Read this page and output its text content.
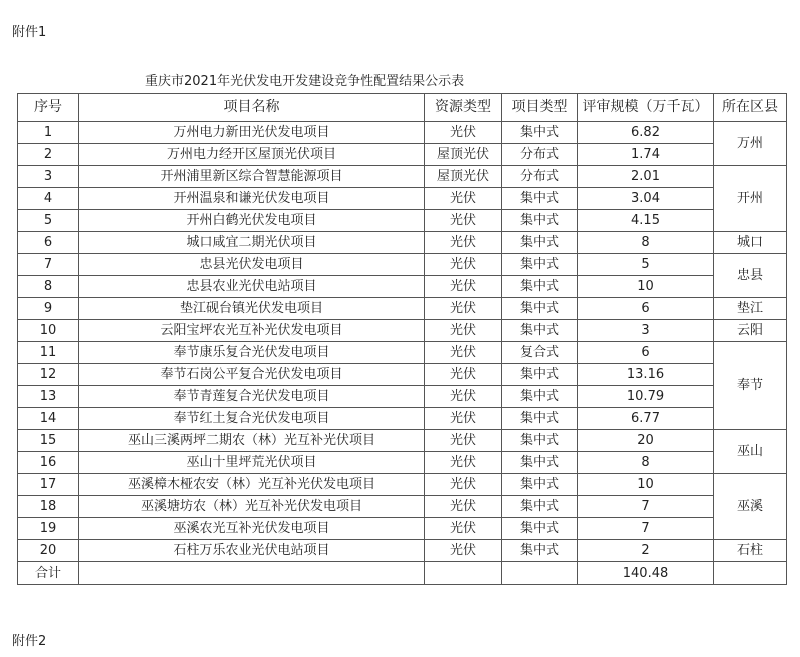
附件1
重庆市2021年光伏发电开发建设竞争性配置结果公示表
序号	项目名称	资源类型	项目类型	评审规模（万千瓦）	所在区县
1	万州电力新田光伏发电项目	光伏	集中式	6.82	万州
2	万州电力经开区屋顶光伏项目	屋顶光伏	分布式	1.74	
3	开州浦里新区综合智慧能源项目	屋顶光伏	分布式	2.01	开州
4	开州温泉和谦光伏发电项目	光伏	集中式	3.04	
5	开州白鹤光伏发电项目	光伏	集中式	4.15	
6	城口咸宜二期光伏项目	光伏	集中式	8	城口
7	忠县光伏发电项目	光伏	集中式	5	忠县
8	忠县农业光伏电站项目	光伏	集中式	10	
9	垫江砚台镇光伏发电项目	光伏	集中式	6	垫江
10	云阳宝坪农光互补光伏发电项目	光伏	集中式	3	云阳
11	奉节康乐复合光伏发电项目	光伏	复合式	6	奉节
12	奉节石岗公平复合光伏发电项目	光伏	集中式	13.16	
13	奉节青莲复合光伏发电项目	光伏	集中式	10.79	
14	奉节红土复合光伏发电项目	光伏	集中式	6.77	
15	巫山三溪两坪二期农（林）光互补光伏项目	光伏	集中式	20	巫山
16	巫山十里坪荒光伏项目	光伏	集中式	8	
17	巫溪樟木桠农安（林）光互补光伏发电项目	光伏	集中式	10	巫溪
18	巫溪塘坊农（林）光互补光伏发电项目	光伏	集中式	7	
19	巫溪农光互补光伏发电项目	光伏	集中式	7	
20	石柱万乐农业光伏电站项目	光伏	集中式	2	石柱
合计				140.48	
附件2
